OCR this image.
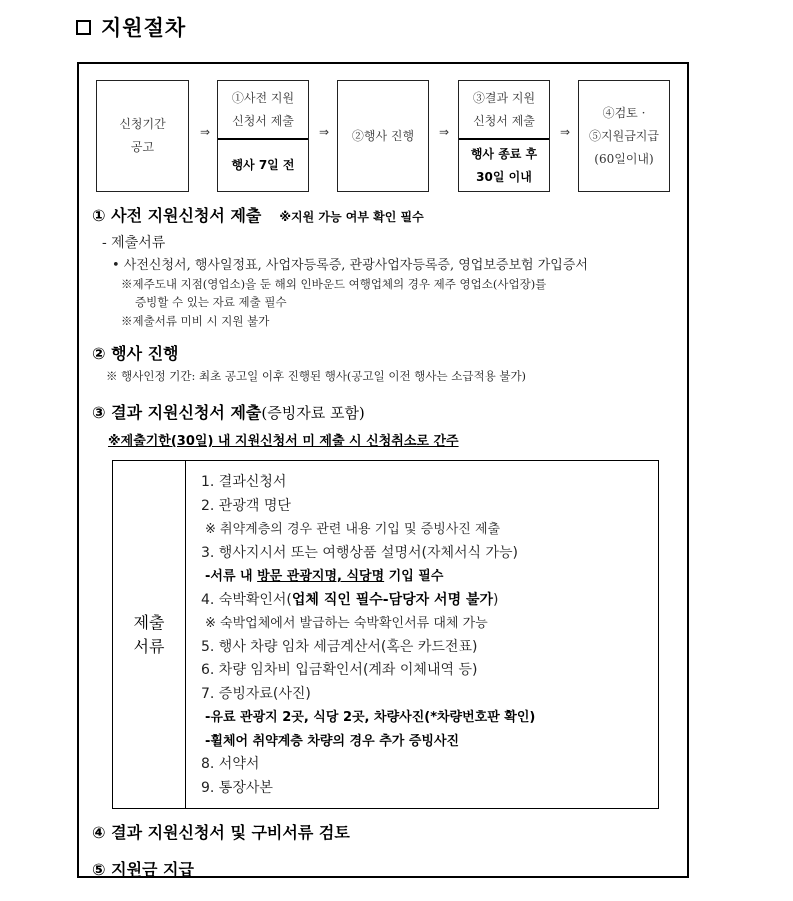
지원절차
신청기간
공고
⇒
①사전 지원
신청서 제출
행사 7일 전
⇒ ②행사 진행 ⇒
③결과 지원
신청서 제출
행사 종료 후
30일 이내
⇒
④검토 ·
⑤지원금지급
(60일이내)
① 사전 지원신청서 제출 ※지원 가능 여부 확인 필수
- 제출서류
• 사전신청서, 행사일정표, 사업자등록증, 관광사업자등록증, 영업보증보험 가입증서
※제주도내 지점(영업소)을 둔 해외 인바운드 여행업체의 경우 제주 영업소(사업장)를
증빙할 수 있는 자료 제출 필수
※제출서류 미비 시 지원 불가
② 행사 진행
※ 행사인정 기간: 최초 공고일 이후 진행된 행사(공고일 이전 행사는 소급적용 불가)
③ 결과 지원신청서 제출(증빙자료 포함)
※제출기한(30일) 내 지원신청서 미 제출 시 신청취소로 간주
제출
서류
1. 결과신청서
2. 관광객 명단
※ 취약계층의 경우 관련 내용 기입 및 증빙사진 제출
3. 행사지시서 또는 여행상품 설명서(자체서식 가능)
-서류 내 방문 관광지명, 식당명 기입 필수
4. 숙박확인서(업체 직인 필수-담당자 서명 불가)
※ 숙박업체에서 발급하는 숙박확인서류 대체 가능
5. 행사 차량 임차 세금계산서(혹은 카드전표)
6. 차량 임차비 입금확인서(계좌 이체내역 등)
7. 증빙자료(사진)
-유료 관광지 2곳, 식당 2곳, 차량사진(*차량번호판 확인)
-휠체어 취약계층 차량의 경우 추가 증빙사진
8. 서약서
9. 통장사본
④ 결과 지원신청서 및 구비서류 검토
⑤ 지원금 지급
